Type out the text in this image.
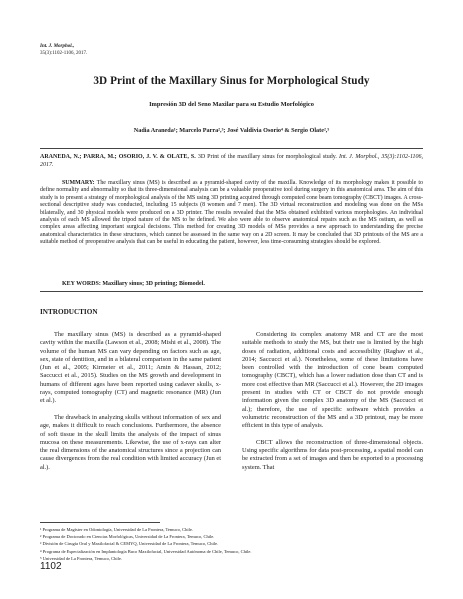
Int. J. Morphol.,
35(3):1102-1106, 2017.
3D Print of the Maxillary Sinus for Morphological Study
Impresión 3D del Seno Maxilar para su Estudio Morfológico
Nadia Araneda¹; Marcelo Parra²,³; José Valdivia Osorio⁴ & Sergio Olate²,⁵
ARANEDA, N.; PARRA, M.; OSORIO, J. V. & OLATE, S. 3D Print of the maxillary sinus for morphological study. Int. J. Morphol., 35(3):1102-1106, 2017.
SUMMARY: The maxillary sinus (MS) is described as a pyramid-shaped cavity of the maxilla. Knowledge of its morphology makes it possible to define normality and abnormality so that its three-dimensional analysis can be a valuable preoperative tool during surgery in this anatomical area. The aim of this study is to present a strategy of morphological analysis of the MS using 3D printing acquired through computed cone beam tomography (CBCT) images. A cross-sectional descriptive study was conducted, including 15 subjects (8 women and 7 men). The 3D virtual reconstruction and modeling was done on the MSs bilaterally, and 30 physical models were produced on a 3D printer. The results revealed that the MSs obtained exhibited various morphologies. An individual analysis of each MS allowed the tripod nature of the MS to be defined. We also were able to observe anatomical repairs such as the MS ostium, as well as complex areas affecting important surgical decisions. This method for creating 3D models of MSs provides a new approach to understanding the precise anatomical characteristics in these structures, which cannot be assessed in the same way on a 2D screen. It may be concluded that 3D printouts of the MS are a suitable method of preoperative analysis that can be useful in educating the patient, however, less time-consuming strategies should be explored.
KEY WORDS: Maxillary sinus; 3D printing; Biomodel.
INTRODUCTION

The maxillary sinus (MS) is described as a pyramid-shaped cavity within the maxilla (Lawson et al., 2008; Mishi et al., 2008). The volume of the human MS can vary depending on factors such as age, sex, state of dentition, and in a bilateral comparison in the same patient (Jun et al., 2005; Kirmeier et al., 2011; Amin & Hassan, 2012; Saccucci et al., 2015). Studies on the MS growth and development in humans of different ages have been reported using cadaver skulls, x-rays, computed tomography (CT) and magnetic resonance (MR) (Jun et al.).

The drawback in analyzing skulls without information of sex and age, makes it difficult to reach conclusions. Furthermore, the absence of soft tissue in the skull limits the analysis of the impact of sinus mucosa on these measurements. Likewise, the use of x-rays can alter the real dimensions of the anatomical structures since a projection can cause divergences from the real condition with limited accuracy (Jun et al.).

Considering its complex anatomy MR and CT are the most suitable methods to study the MS, but their use is limited by the high doses of radiation, additional costs and accessibility (Raghav et al., 2014; Saccucci et al.). Nonetheless, some of these limitations have been controlled with the introduction of cone beam computed tomography (CBCT), which has a lower radiation dose than CT and is more cost effective than MR (Saccucci et al.). However, the 2D images present in studies with CT or CBCT do not provide enough information given the complex 3D anatomy of the MS (Saccucci et al.); therefore, the use of specific software which provides a volumetric reconstruction of the MS and a 3D printout, may be more efficient in this type of analysis.

CBCT allows the reconstruction of three-dimensional objects. Using specific algorithms for data post-processing, a spatial model can be extracted from a set of images and then be exported to a processing system. That

¹ Programa de Magíster en Odontología, Universidad de La Frontera, Temuco, Chile.
² Programa de Doctorado en Ciencias Morfológicas, Universidad de La Frontera, Temuco, Chile.
³ División de Cirugía Oral y Maxilofacial & CEMYQ, Universidad de La Frontera, Temuco, Chile.
⁴ Programa de Especialización en Implantología Buco Maxilofacial, Universidad Autónoma de Chile, Temuco, Chile.
⁵ Universidad de La Frontera, Temuco, Chile.
1102
